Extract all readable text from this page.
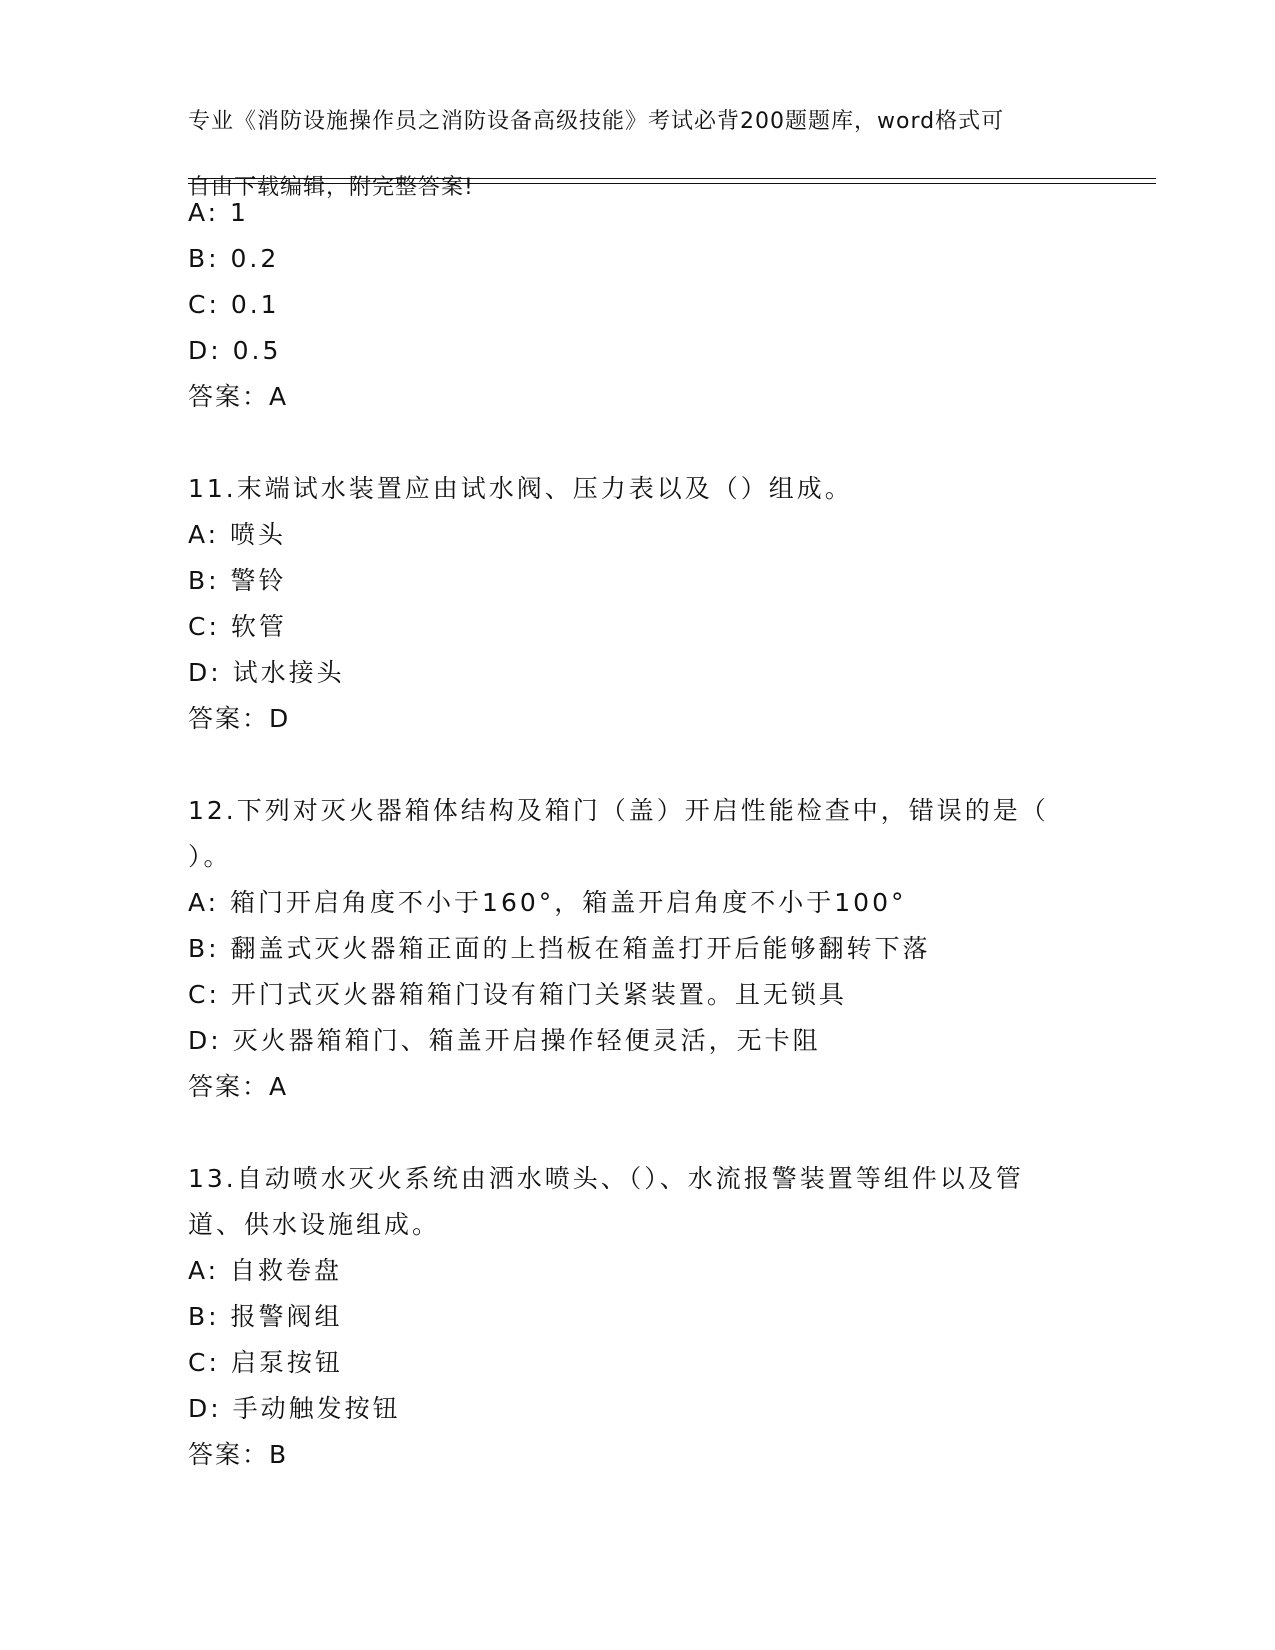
专业《消防设施操作员之消防设备高级技能》考试必背200题题库，word格式可

自由下载编辑，附完整答案!

A: 1
B: 0.2
C: 0.1
D: 0.5
答案：A
11.末端试水装置应由试水阀、压力表以及（）组成。
A: 喷头
B: 警铃
C: 软管
D: 试水接头
答案：D
12.下列对灭火器箱体结构及箱门（盖）开启性能检查中，错误的是（
）。
A: 箱门开启角度不小于160°，箱盖开启角度不小于100°
B: 翻盖式灭火器箱正面的上挡板在箱盖打开后能够翻转下落
C: 开门式灭火器箱箱门设有箱门关紧装置。且无锁具
D: 灭火器箱箱门、箱盖开启操作轻便灵活，无卡阻
答案：A
13.自动喷水灭火系统由洒水喷头、（）、水流报警装置等组件以及管
道、供水设施组成。
A: 自救卷盘
B: 报警阀组
C: 启泵按钮
D: 手动触发按钮
答案：B
